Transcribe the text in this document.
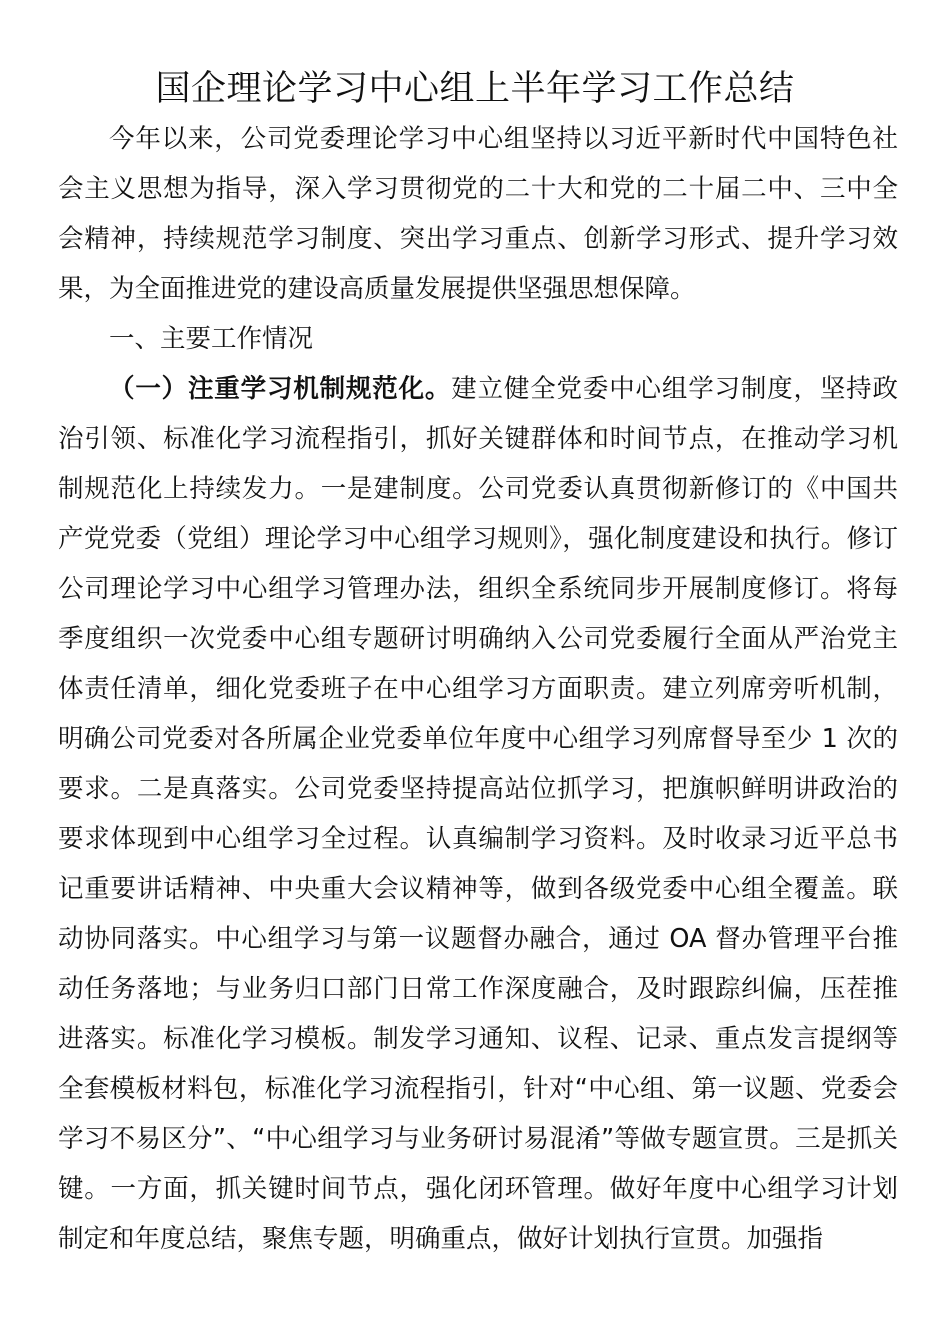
国企理论学习中心组上半年学习工作总结

今年以来，公司党委理论学习中心组坚持以习近平新时代中国特色社会主义思想为指导，深入学习贯彻党的二十大和党的二十届二中、三中全会精神，持续规范学习制度、突出学习重点、创新学习形式、提升学习效果，为全面推进党的建设高质量发展提供坚强思想保障。

一、主要工作情况

（一）注重学习机制规范化。建立健全党委中心组学习制度，坚持政治引领、标准化学习流程指引，抓好关键群体和时间节点，在推动学习机制规范化上持续发力。一是建制度。公司党委认真贯彻新修订的《中国共产党党委（党组）理论学习中心组学习规则》，强化制度建设和执行。修订公司理论学习中心组学习管理办法，组织全系统同步开展制度修订。将每季度组织一次党委中心组专题研讨明确纳入公司党委履行全面从严治党主体责任清单，细化党委班子在中心组学习方面职责。建立列席旁听机制，明确公司党委对各所属企业党委单位年度中心组学习列席督导至少 1 次的要求。二是真落实。公司党委坚持提高站位抓学习，把旗帜鲜明讲政治的要求体现到中心组学习全过程。认真编制学习资料。及时收录习近平总书记重要讲话精神、中央重大会议精神等，做到各级党委中心组全覆盖。联动协同落实。中心组学习与第一议题督办融合，通过 OA 督办管理平台推动任务落地；与业务归口部门日常工作深度融合，及时跟踪纠偏，压茬推进落实。标准化学习模板。制发学习通知、议程、记录、重点发言提纲等全套模板材料包，标准化学习流程指引，针对“中心组、第一议题、党委会学习不易区分”、“中心组学习与业务研讨易混淆”等做专题宣贯。三是抓关键。一方面，抓关键时间节点，强化闭环管理。做好年度中心组学习计划制定和年度总结，聚焦专题，明确重点，做好计划执行宣贯。加强指
